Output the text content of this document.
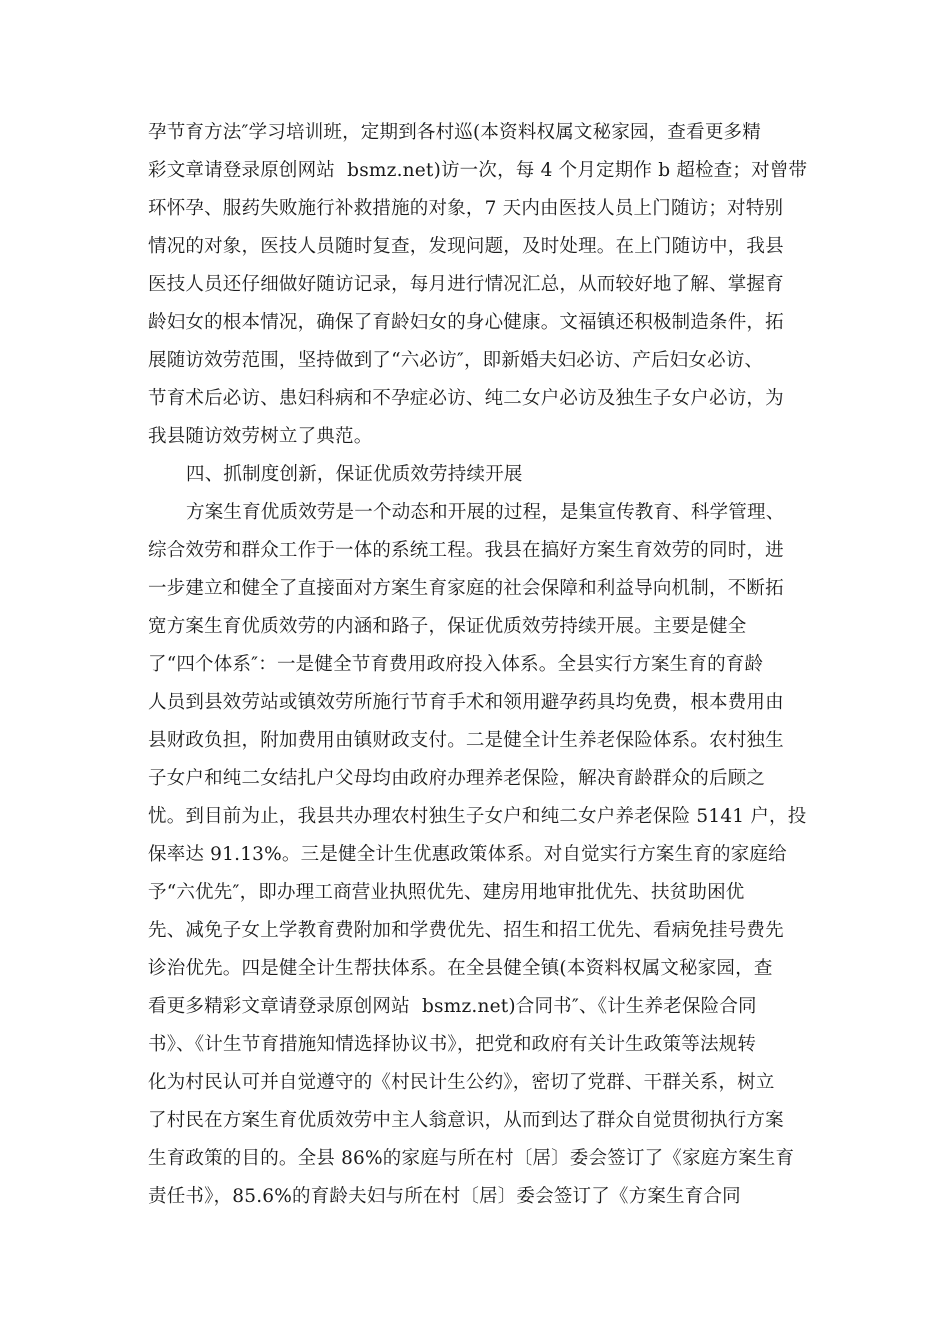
孕节育方法″学习培训班，定期到各村巡(本资料权属文秘家园，查看更多精
彩文章请登录原创网站  bsmz.net)访一次，每 4 个月定期作 b 超检查；对曾带
环怀孕、服药失败施行补救措施的对象，7 天内由医技人员上门随访；对特别
情况的对象，医技人员随时复查，发现问题，及时处理。在上门随访中，我县
医技人员还仔细做好随访记录，每月进行情况汇总，从而较好地了解、掌握育
龄妇女的根本情况，确保了育龄妇女的身心健康。文福镇还积极制造条件，拓
展随访效劳范围，坚持做到了“六必访″，即新婚夫妇必访、产后妇女必访、
节育术后必访、患妇科病和不孕症必访、纯二女户必访及独生子女户必访，为
我县随访效劳树立了典范。
四、抓制度创新，保证优质效劳持续开展
方案生育优质效劳是一个动态和开展的过程，是集宣传教育、科学管理、
综合效劳和群众工作于一体的系统工程。我县在搞好方案生育效劳的同时，进
一步建立和健全了直接面对方案生育家庭的社会保障和利益导向机制，不断拓
宽方案生育优质效劳的内涵和路子，保证优质效劳持续开展。主要是健全
了“四个体系″：一是健全节育费用政府投入体系。全县实行方案生育的育龄
人员到县效劳站或镇效劳所施行节育手术和领用避孕药具均免费，根本费用由
县财政负担，附加费用由镇财政支付。二是健全计生养老保险体系。农村独生
子女户和纯二女结扎户父母均由政府办理养老保险，解决育龄群众的后顾之
忧。到目前为止，我县共办理农村独生子女户和纯二女户养老保险 5141 户，投
保率达 91.13%。三是健全计生优惠政策体系。对自觉实行方案生育的家庭给
予“六优先″，即办理工商营业执照优先、建房用地审批优先、扶贫助困优
先、减免子女上学教育费附加和学费优先、招生和招工优先、看病免挂号费先
诊治优先。四是健全计生帮扶体系。在全县健全镇(本资料权属文秘家园，查
看更多精彩文章请登录原创网站  bsmz.net)合同书″、《计生养老保险合同
书》、《计生节育措施知情选择协议书》，把党和政府有关计生政策等法规转
化为村民认可并自觉遵守的《村民计生公约》，密切了党群、干群关系，树立
了村民在方案生育优质效劳中主人翁意识，从而到达了群众自觉贯彻执行方案
生育政策的目的。全县 86%的家庭与所在村〔居〕委会签订了《家庭方案生育
责任书》，85.6%的育龄夫妇与所在村〔居〕委会签订了《方案生育合同
